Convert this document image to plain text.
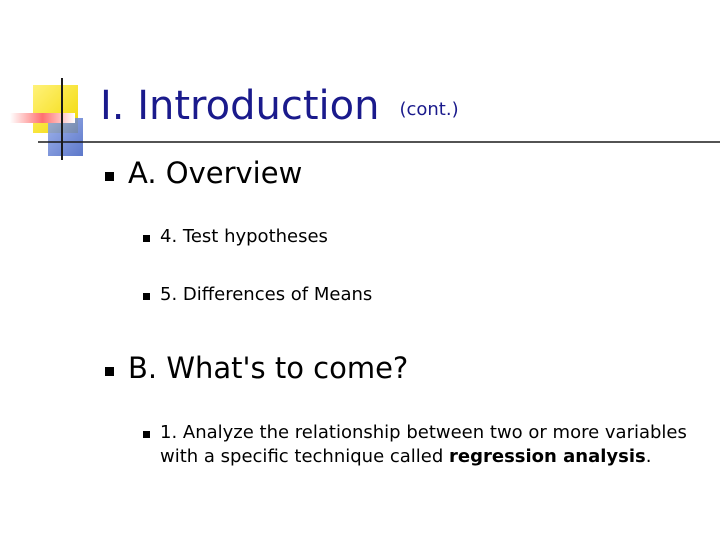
I. Introduction (cont.)
A. Overview
4. Test hypotheses
5. Differences of Means
B. What's to come?
1. Analyze the relationship between two or more variables with a specific technique called regression analysis.
